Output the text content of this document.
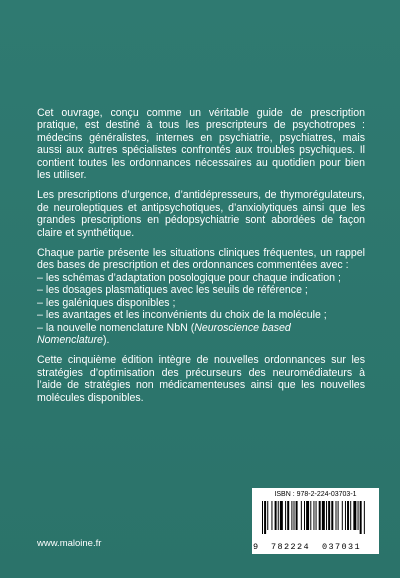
Cet ouvrage, conçu comme un véritable guide de prescription pratique, est destiné à tous les prescripteurs de psychotropes : médecins généralistes, internes en psychiatrie, psychiatres, mais aussi aux autres spécialistes confrontés aux troubles psychiques. Il contient toutes les ordonnances nécessaires au quotidien pour bien les utiliser.

Les prescriptions d’urgence, d’antidépresseurs, de thymorégulateurs, de neuroleptiques et antipsychotiques, d’anxiolytiques ainsi que les grandes prescriptions en pédopsychiatrie sont abordées de façon claire et synthétique.

Chaque partie présente les situations cliniques fréquentes, un rappel des bases de prescription et des ordonnances commentées avec :

– les schémas d’adaptation posologique pour chaque indication ;
– les dosages plasmatiques avec les seuils de référence ;
– les galéniques disponibles ;
– les avantages et les inconvénients du choix de la molécule ;
– la nouvelle nomenclature NbN (Neuroscience based Nomenclature).

Cette cinquième édition intègre de nouvelles ordonnances sur les stratégies d’optimisation des précurseurs des neuromédiateurs à l’aide de stratégies non médicamenteuses ainsi que les nouvelles molécules disponibles.

ISBN : 978-2-224-03703-1
9 782224 037031
www.maloine.fr
